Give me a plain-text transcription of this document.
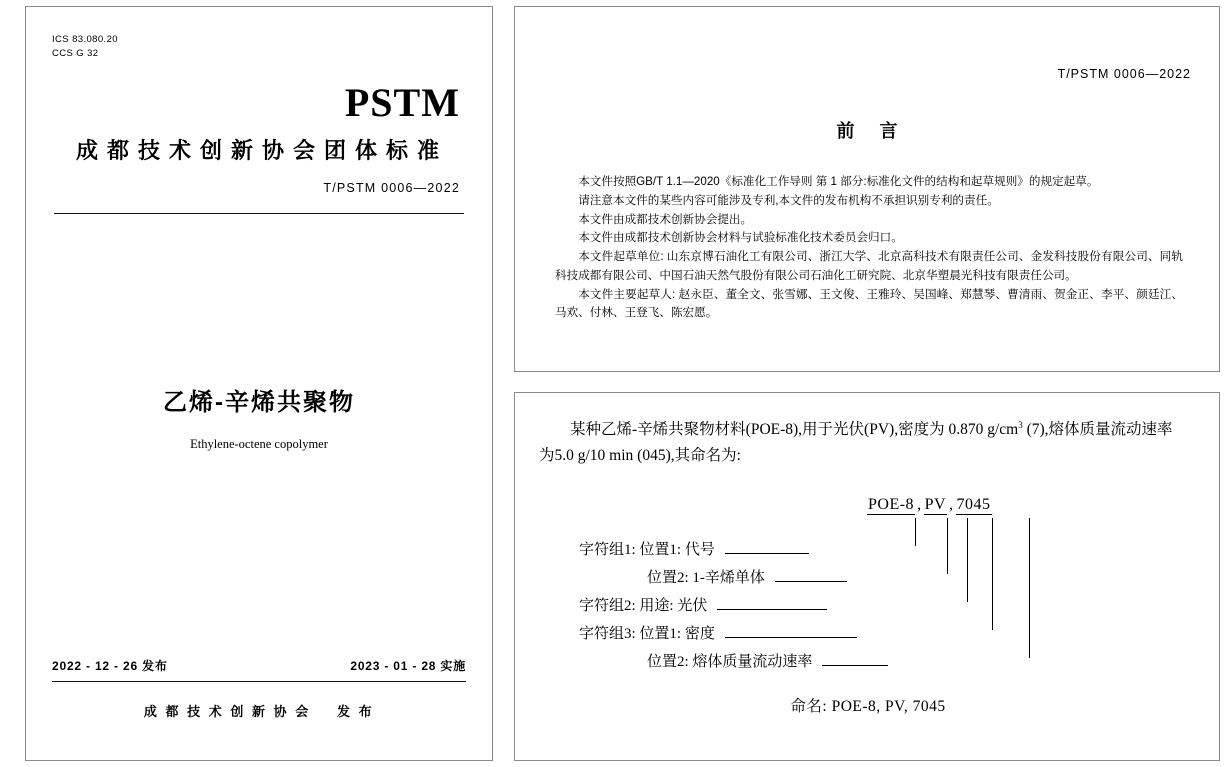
ICS 83.080.20
CCS G 32
PSTM
成都技术创新协会团体标准
T/PSTM 0006—2022
乙烯-辛烯共聚物
Ethylene-octene copolymer
2022 - 12 - 26 发布	2023 - 01 - 28 实施
成 都 技 术 创 新 协 会 发 布
T/PSTM 0006—2022
前 言

本文件按照GB/T 1.1—2020《标准化工作导则 第 1 部分:标准化文件的结构和起草规则》的规定起草。

请注意本文件的某些内容可能涉及专利,本文件的发布机构不承担识别专利的责任。

本文件由成都技术创新协会提出。

本文件由成都技术创新协会材料与试验标准化技术委员会归口。

本文件起草单位: 山东京博石油化工有限公司、浙江大学、北京高科技术有限责任公司、金发科技股份有限公司、同轨科技成都有限公司、中国石油天然气股份有限公司石油化工研究院、北京华塑晨光科技有限责任公司。

本文件主要起草人: 赵永臣、董全文、张雪娜、王文俊、王雅玲、吴国峰、郑慧琴、曹清雨、贺金正、李平、颜廷江、马欢、付林、王登飞、陈宏愿。

某种乙烯-辛烯共聚物材料(POE-8),用于光伏(PV),密度为 0.870 $g/cm^3$ (7),熔体质量流动速率
为5.0 g/10 min (045),其命名为:
POE-8 , PV , 7045
字符组1: 位置1: 代号
位置2: 1-辛烯单体
字符组2: 用途: 光伏
字符组3: 位置1: 密度
位置2: 熔体质量流动速率
命名: POE-8, PV, 7045
